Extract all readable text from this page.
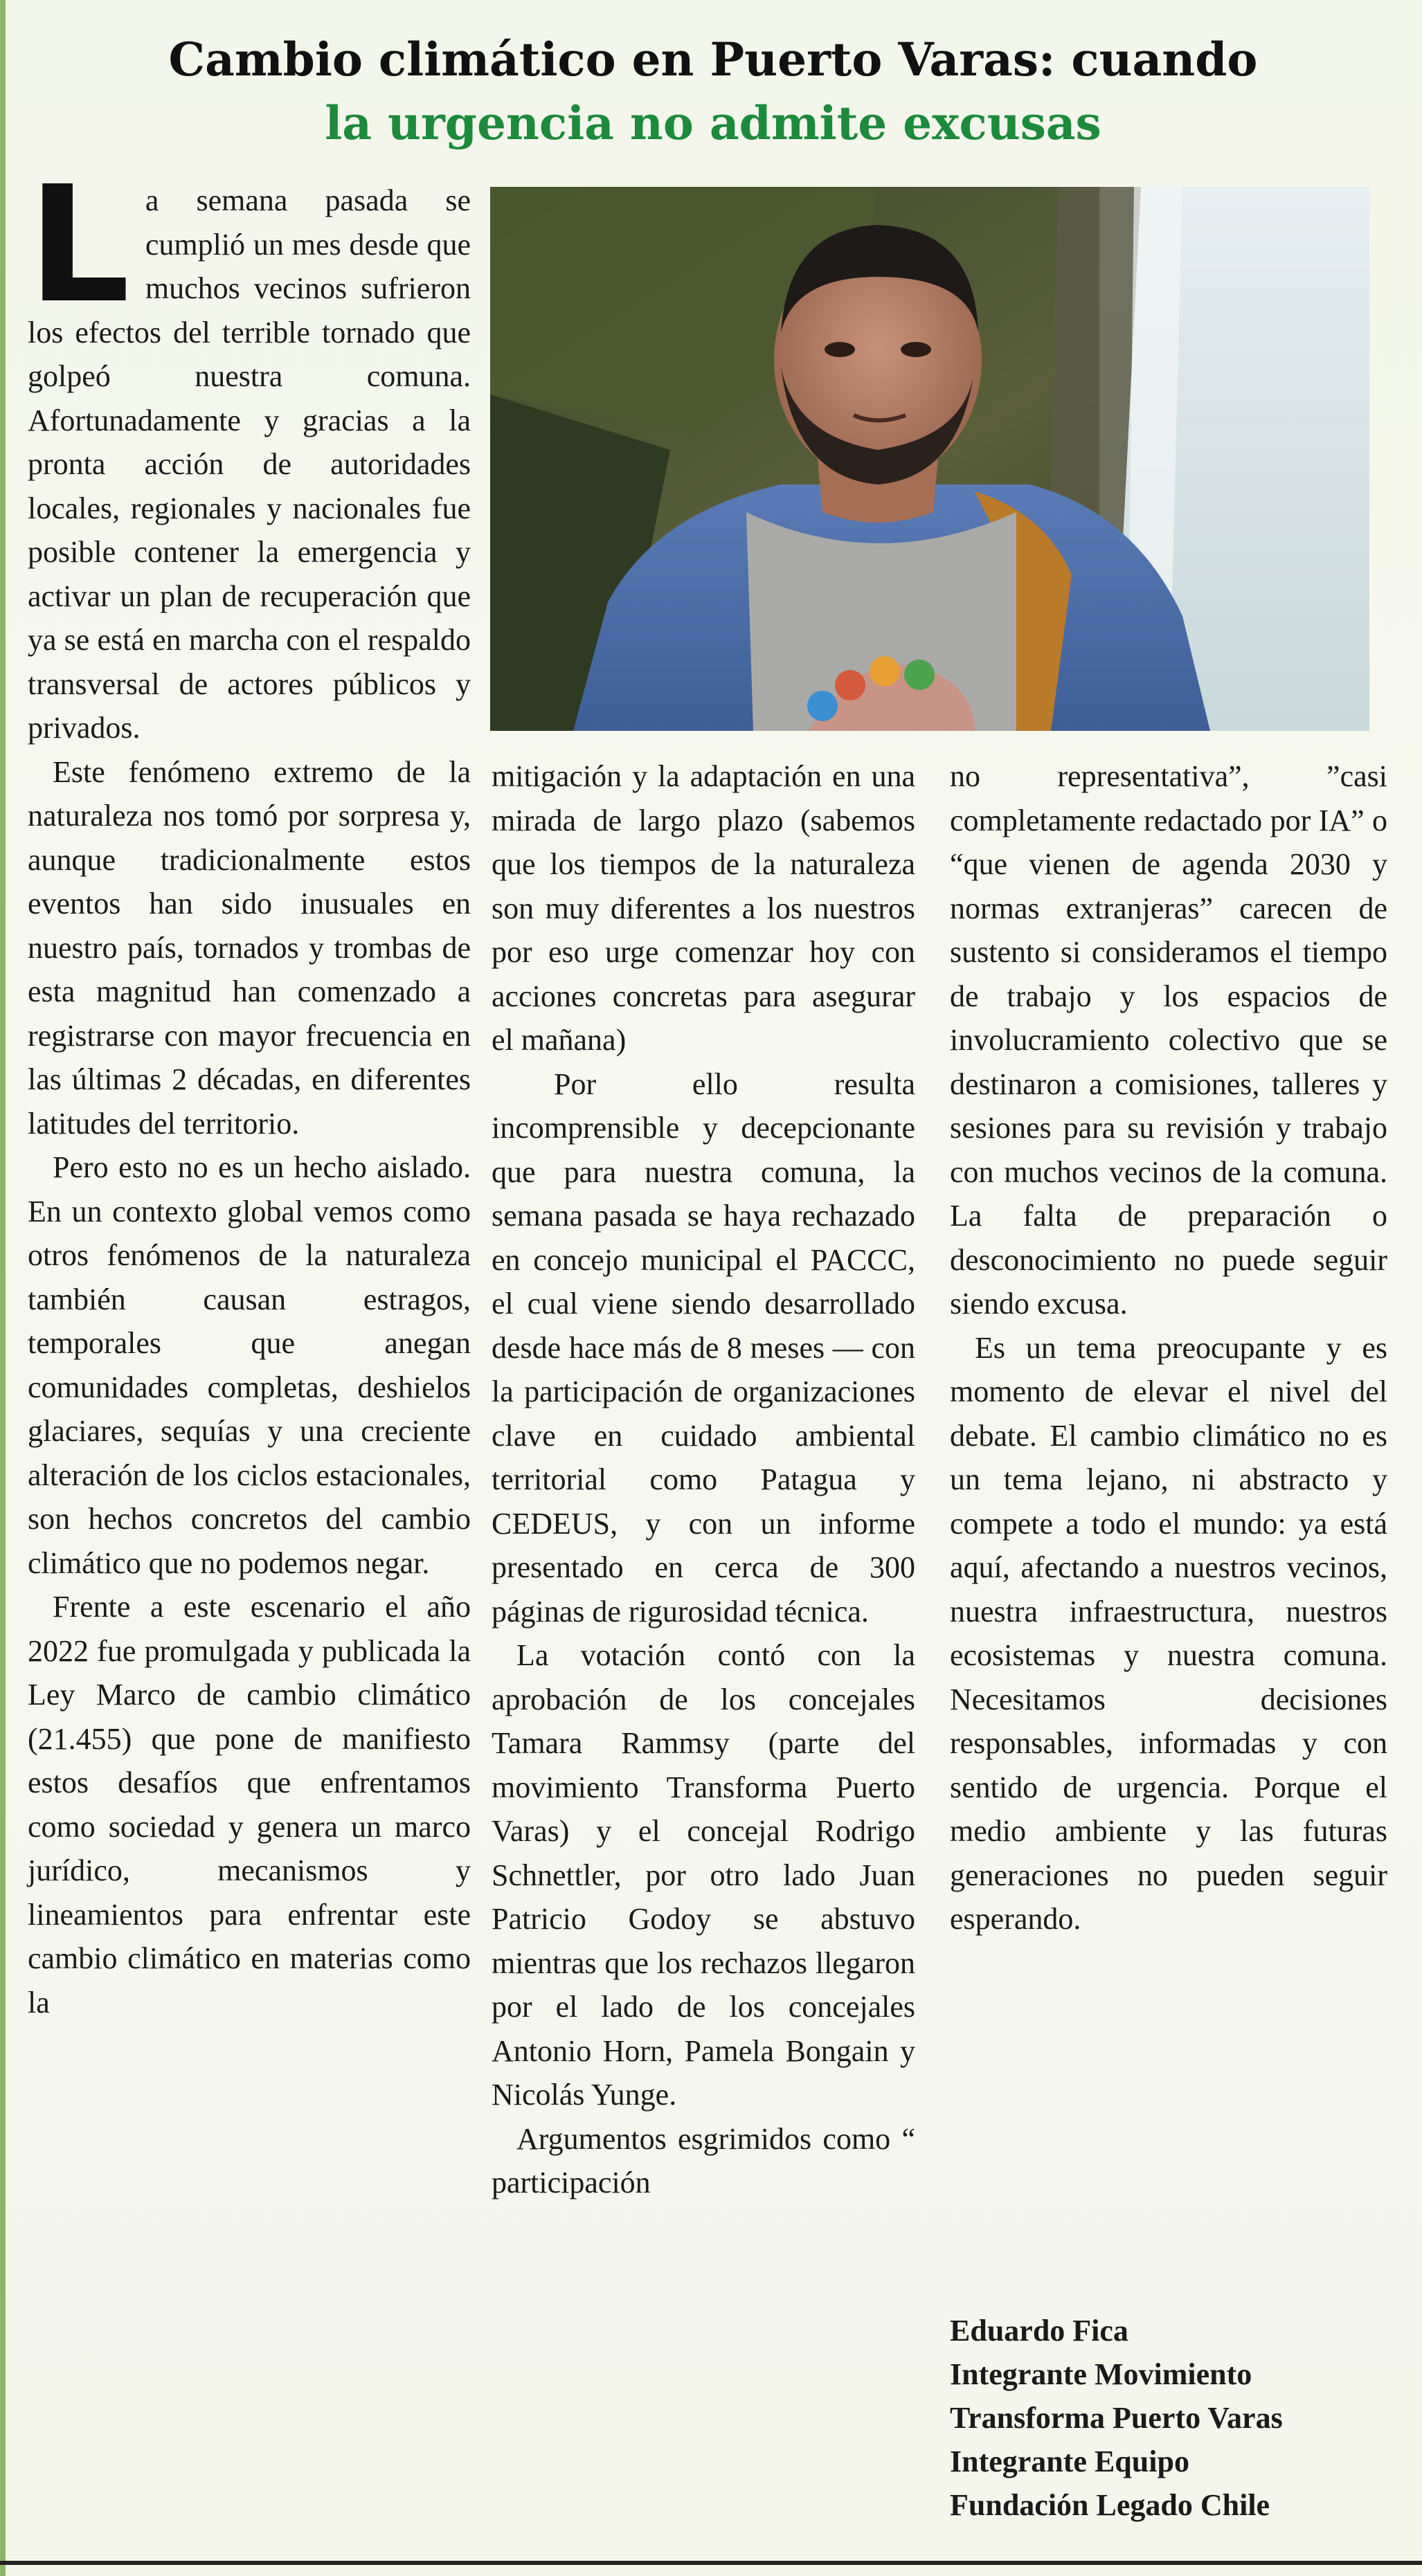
Cambio climático en Puerto Varas: cuando
la urgencia no admite excusas

La semana pasada se cumplió un mes desde que muchos vecinos sufrieron los efectos del terrible tornado que golpeó nuestra comuna. Afortunadamente y gracias a la pronta acción de autoridades locales, regionales y nacionales fue posible contener la emergencia y activar un plan de recuperación que ya se está en marcha con el respaldo transversal de actores públicos y privados.

Este fenómeno extremo de la naturaleza nos tomó por sorpresa y, aunque tradicionalmente estos eventos han sido inusuales en nuestro país, tornados y trombas de esta magnitud han comenzado a registrarse con mayor frecuencia en las últimas 2 décadas, en diferentes latitudes del territorio.

Pero esto no es un hecho aislado. En un contexto global vemos como otros fenómenos de la naturaleza también causan estragos, temporales que anegan comunidades completas, deshielos glaciares, sequías y una creciente alteración de los ciclos estacionales, son hechos concretos del cambio climático que no podemos negar.

Frente a este escenario el año 2022 fue promulgada y publicada la Ley Marco de cambio climático (21.455) que pone de manifiesto estos desafíos que enfrentamos como sociedad y genera un marco jurídico, mecanismos y lineamientos para enfrentar este cambio climático en materias como la

mitigación y la adaptación en una mirada de largo plazo (sabemos que los tiempos de la naturaleza son muy diferentes a los nuestros por eso urge comenzar hoy con acciones concretas para asegurar el mañana)

Por ello resulta incomprensible y decepcionante que para nuestra comuna, la semana pasada se haya rechazado en concejo municipal el PACCC, el cual viene siendo desarrollado desde hace más de 8 meses — con la participación de organizaciones clave en cuidado ambiental territorial como Patagua y CEDEUS, y con un informe presentado en cerca de 300 páginas de rigurosidad técnica.

La votación contó con la aprobación de los concejales Tamara Rammsy (parte del movimiento Transforma Puerto Varas) y el concejal Rodrigo Schnettler, por otro lado Juan Patricio Godoy se abstuvo mientras que los rechazos llegaron por el lado de los concejales Antonio Horn, Pamela Bongain y Nicolás Yunge.

Argumentos esgrimidos como “ participación

no representativa”, ”casi completamente redactado por IA” o “que vienen de agenda 2030 y normas extranjeras” carecen de sustento si consideramos el tiempo de trabajo y los espacios de involucramiento colectivo que se destinaron a comisiones, talleres y sesiones para su revisión y trabajo con muchos vecinos de la comuna. La falta de preparación o desconocimiento no puede seguir siendo excusa.

Es un tema preocupante y es momento de elevar el nivel del debate. El cambio climático no es un tema lejano, ni abstracto y compete a todo el mundo: ya está aquí, afectando a nuestros vecinos, nuestra infraestructura, nuestros ecosistemas y nuestra comuna. Necesitamos decisiones responsables, informadas y con sentido de urgencia. Porque el medio ambiente y las futuras generaciones no pueden seguir esperando.

Eduardo Fica
Integrante Movimiento
Transforma Puerto Varas
Integrante Equipo
Fundación Legado Chile
